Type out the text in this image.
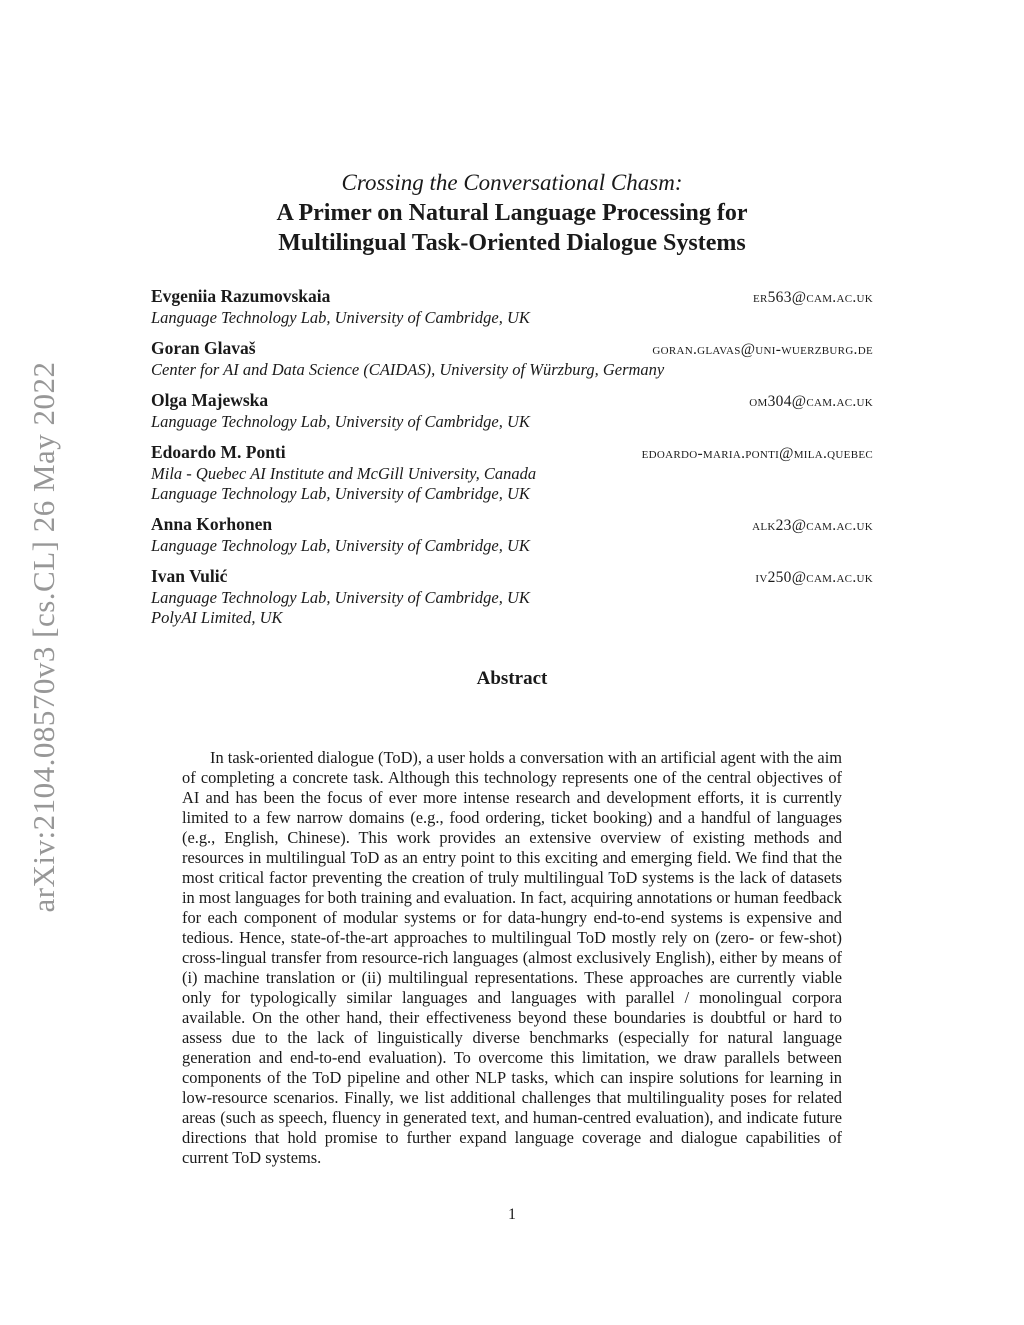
arXiv:2104.08570v3 [cs.CL] 26 May 2022
Crossing the Conversational Chasm:
A Primer on Natural Language Processing for
Multilingual Task-Oriented Dialogue Systems
Evgeniia Razumovskaia	er563@cam.ac.uk
Language Technology Lab, University of Cambridge, UK
Goran Glavaš	goran.glavas@uni-wuerzburg.de
Center for AI and Data Science (CAIDAS), University of Würzburg, Germany
Olga Majewska	om304@cam.ac.uk
Language Technology Lab, University of Cambridge, UK
Edoardo M. Ponti	edoardo-maria.ponti@mila.quebec
Mila - Quebec AI Institute and McGill University, Canada
Language Technology Lab, University of Cambridge, UK
Anna Korhonen	alk23@cam.ac.uk
Language Technology Lab, University of Cambridge, UK
Ivan Vulić	iv250@cam.ac.uk
Language Technology Lab, University of Cambridge, UK
PolyAI Limited, UK
Abstract
In task-oriented dialogue (ToD), a user holds a conversation with an artificial agent with the aim of completing a concrete task. Although this technology represents one of the central objectives of AI and has been the focus of ever more intense research and development efforts, it is currently limited to a few narrow domains (e.g., food ordering, ticket booking) and a handful of languages (e.g., English, Chinese). This work provides an extensive overview of existing methods and resources in multilingual ToD as an entry point to this exciting and emerging field. We find that the most critical factor preventing the creation of truly multilingual ToD systems is the lack of datasets in most languages for both training and evaluation. In fact, acquiring annotations or human feedback for each component of modular systems or for data-hungry end-to-end systems is expensive and tedious. Hence, state-of-the-art approaches to multilingual ToD mostly rely on (zero- or few-shot) cross-lingual transfer from resource-rich languages (almost exclusively English), either by means of (i) machine translation or (ii) multilingual representations. These approaches are currently viable only for typologically similar languages and languages with parallel / monolingual corpora available. On the other hand, their effectiveness beyond these boundaries is doubtful or hard to assess due to the lack of linguistically diverse benchmarks (especially for natural language generation and end-to-end evaluation). To overcome this limitation, we draw parallels between components of the ToD pipeline and other NLP tasks, which can inspire solutions for learning in low-resource scenarios. Finally, we list additional challenges that multilinguality poses for related areas (such as speech, fluency in generated text, and human-centred evaluation), and indicate future directions that hold promise to further expand language coverage and dialogue capabilities of current ToD systems.
1
